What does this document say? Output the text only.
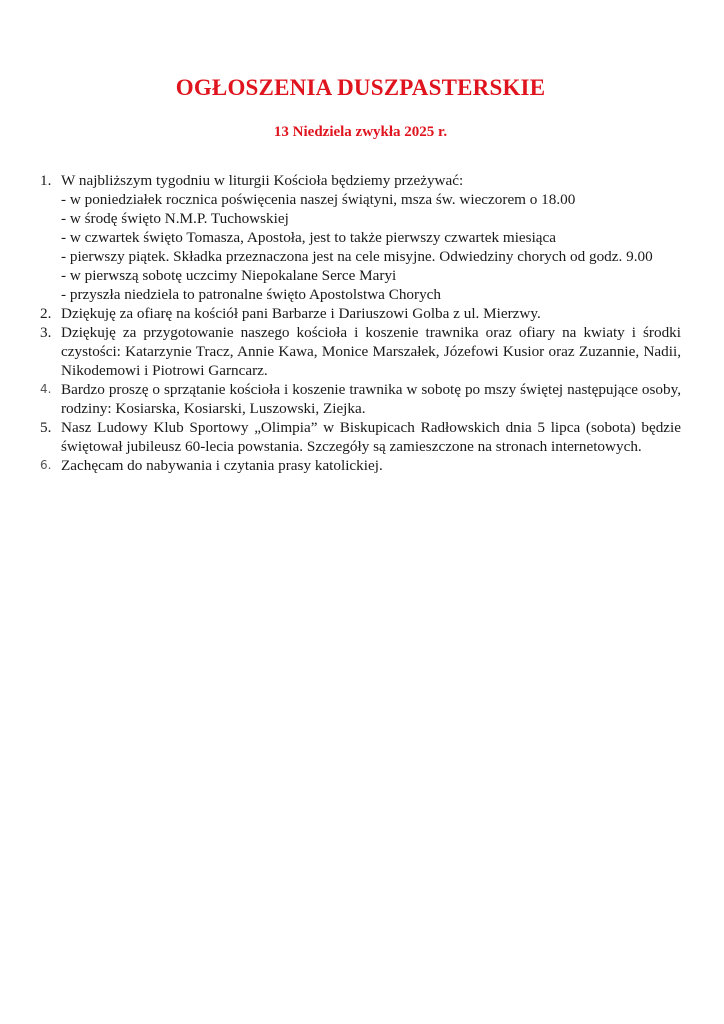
OGŁOSZENIA DUSZPASTERSKIE
13 Niedziela zwykła 2025 r.
1. W najbliższym tygodniu w liturgii Kościoła będziemy przeżywać:
- w poniedziałek rocznica poświęcenia naszej świątyni, msza św. wieczorem o 18.00
- w środę święto N.M.P. Tuchowskiej
- w czwartek święto Tomasza, Apostoła, jest to także pierwszy czwartek miesiąca
- pierwszy piątek. Składka przeznaczona jest na cele misyjne. Odwiedziny chorych od godz. 9.00
- w pierwszą sobotę uczcimy Niepokalane Serce Maryi
- przyszła niedziela to patronalne święto Apostolstwa Chorych
2. Dziękuję za ofiarę na kościół pani Barbarze i Dariuszowi Golba z ul. Mierzwy.
3. Dziękuję za przygotowanie naszego kościoła i koszenie trawnika oraz ofiary na kwiaty i środki czystości: Katarzynie Tracz, Annie Kawa, Monice Marszałek, Józefowi Kusior oraz Zuzannie, Nadii, Nikodemowi i Piotrowi Garncarz.
4. Bardzo proszę o sprzątanie kościoła i koszenie trawnika w sobotę po mszy świętej następujące osoby, rodziny: Kosiarska, Kosiarski, Luszowski, Ziejka.
5. Nasz Ludowy Klub Sportowy „Olimpia” w Biskupicach Radłowskich dnia 5 lipca (sobota) będzie świętował jubileusz 60-lecia powstania. Szczegóły są zamieszczone na stronach internetowych.
6. Zachęcam do nabywania i czytania prasy katolickiej.
